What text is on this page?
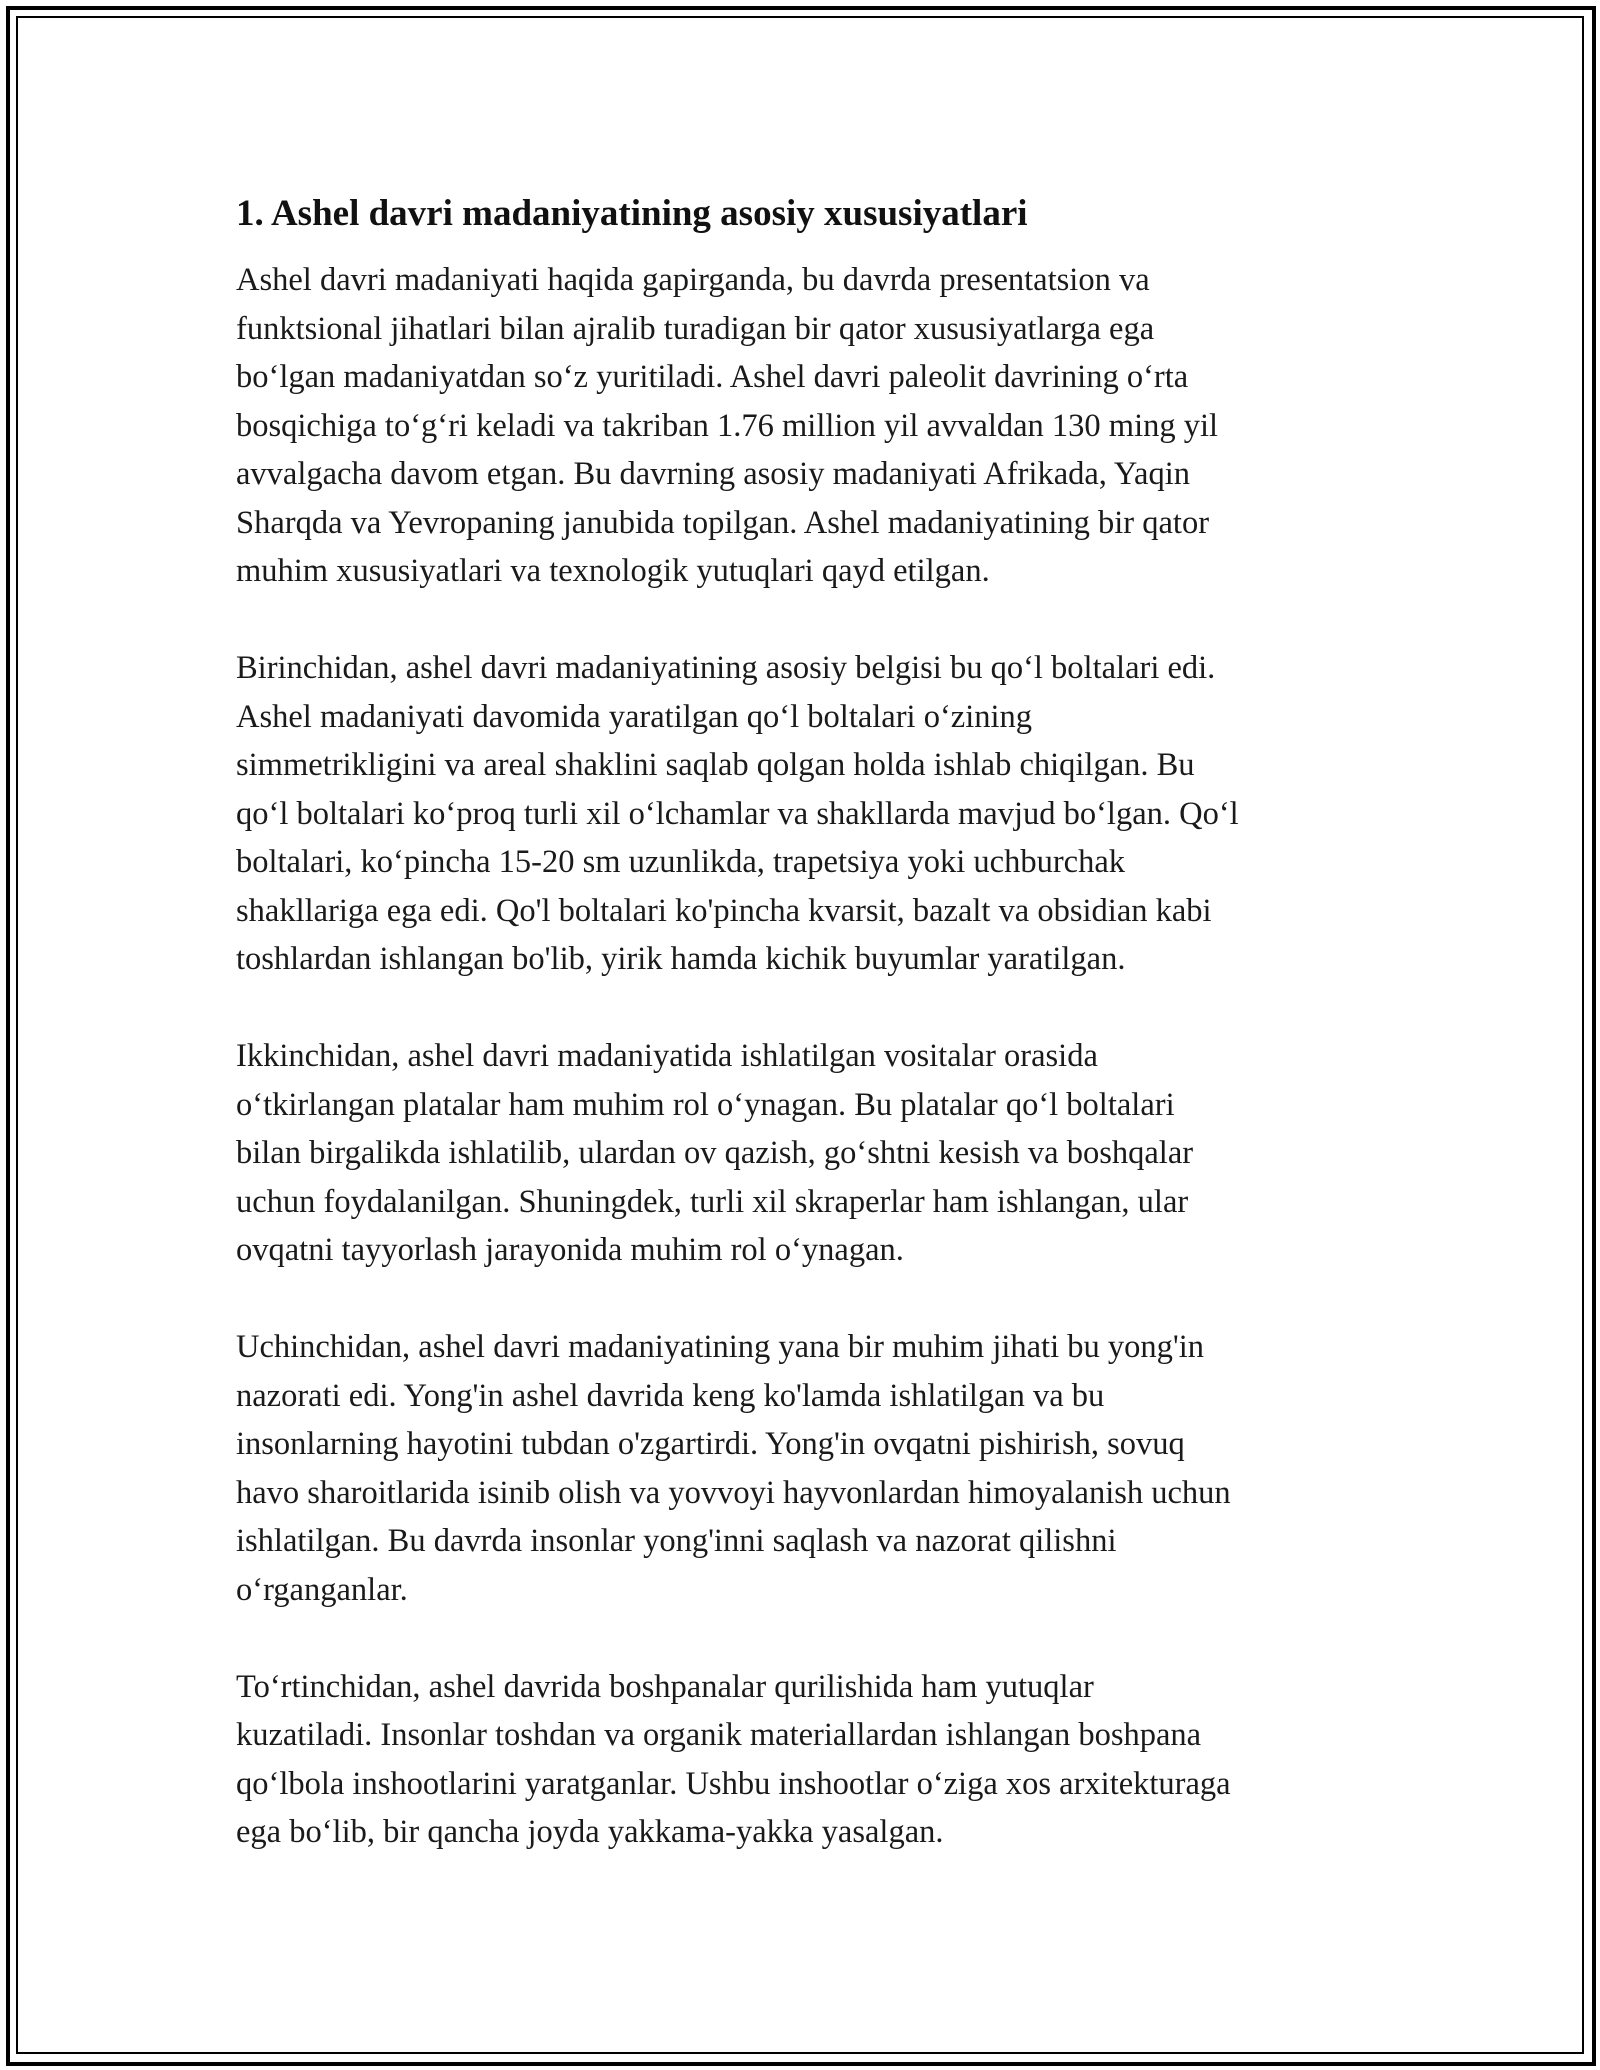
1. Ashel davri madaniyatining asosiy xususiyatlari

Ashel davri madaniyati haqida gapirganda, bu davrda presentatsion va
funktsional jihatlari bilan ajralib turadigan bir qator xususiyatlarga ega
bo‘lgan madaniyatdan so‘z yuritiladi. Ashel davri paleolit davrining o‘rta
bosqichiga to‘g‘ri keladi va takriban 1.76 million yil avvaldan 130 ming yil
avvalgacha davom etgan. Bu davrning asosiy madaniyati Afrikada, Yaqin
Sharqda va Yevropaning janubida topilgan. Ashel madaniyatining bir qator
muhim xususiyatlari va texnologik yutuqlari qayd etilgan.

Birinchidan, ashel davri madaniyatining asosiy belgisi bu qo‘l boltalari edi.
Ashel madaniyati davomida yaratilgan qo‘l boltalari o‘zining
simmetrikligini va areal shaklini saqlab qolgan holda ishlab chiqilgan. Bu
qo‘l boltalari ko‘proq turli xil o‘lchamlar va shakllarda mavjud bo‘lgan. Qo‘l
boltalari, ko‘pincha 15-20 sm uzunlikda, trapetsiya yoki uchburchak
shakllariga ega edi. Qo'l boltalari ko'pincha kvarsit, bazalt va obsidian kabi
toshlardan ishlangan bo'lib, yirik hamda kichik buyumlar yaratilgan.

Ikkinchidan, ashel davri madaniyatida ishlatilgan vositalar orasida
o‘tkirlangan platalar ham muhim rol o‘ynagan. Bu platalar qo‘l boltalari
bilan birgalikda ishlatilib, ulardan ov qazish, go‘shtni kesish va boshqalar
uchun foydalanilgan. Shuningdek, turli xil skraperlar ham ishlangan, ular
ovqatni tayyorlash jarayonida muhim rol o‘ynagan.

Uchinchidan, ashel davri madaniyatining yana bir muhim jihati bu yong'in
nazorati edi. Yong'in ashel davrida keng ko'lamda ishlatilgan va bu
insonlarning hayotini tubdan o'zgartirdi. Yong'in ovqatni pishirish, sovuq
havo sharoitlarida isinib olish va yovvoyi hayvonlardan himoyalanish uchun
ishlatilgan. Bu davrda insonlar yong'inni saqlash va nazorat qilishni
o‘rganganlar.

To‘rtinchidan, ashel davrida boshpanalar qurilishida ham yutuqlar
kuzatiladi. Insonlar toshdan va organik materiallardan ishlangan boshpana
qo‘lbola inshootlarini yaratganlar. Ushbu inshootlar o‘ziga xos arxitekturaga
ega bo‘lib, bir qancha joyda yakkama-yakka yasalgan.
